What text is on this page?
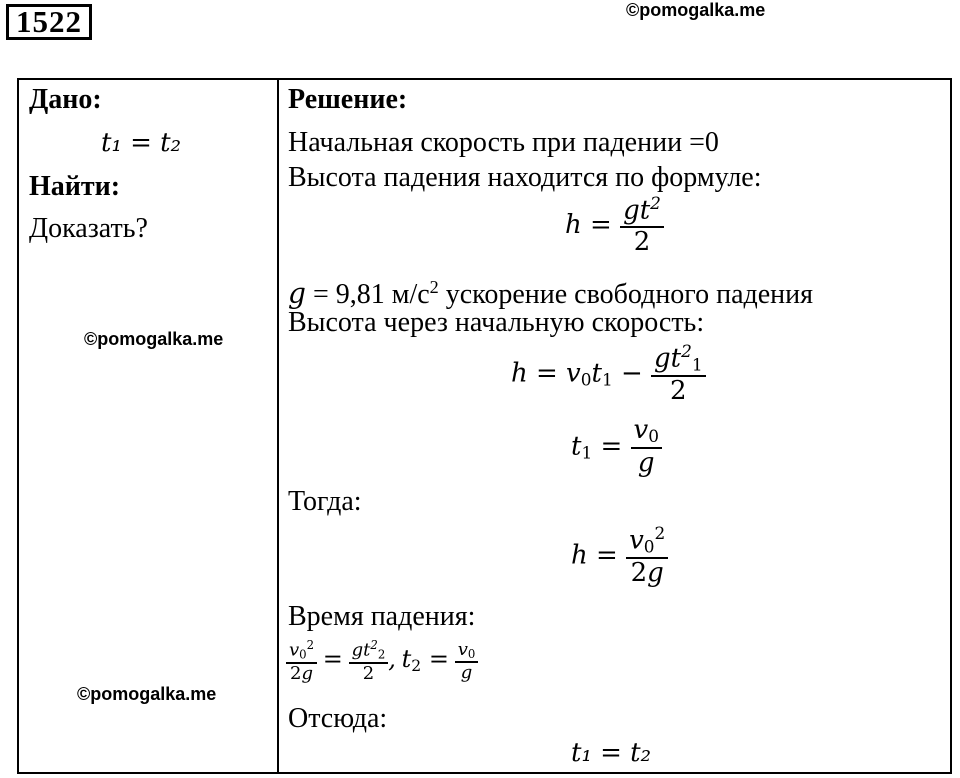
1522	©pomogalka.me
Дано:
t₁ = t₂
Найти:
Доказать?
Решение:
Начальная скорость при падении =0
Высота падения находится по формуле:
$h = \frac{gt^2}{2}$
g = 9,81 $м/с^2$ ускорение свободного падения
Высота через начальную скорость:
$h = v_0t_1 - \frac{gt^2_1}{2}$
$t_1 = \frac{v_0}{g}$
Тогда:
$h = \frac{v_0^2}{2g}$
Время падения:
$\frac{v_0^2}{2g} = \frac{gt^2_2}{2}$ , $t_2 = \frac{v_0}{g}$
Отсюда:
t₁ = t₂
©pomogalka.me
©pomogalka.me
